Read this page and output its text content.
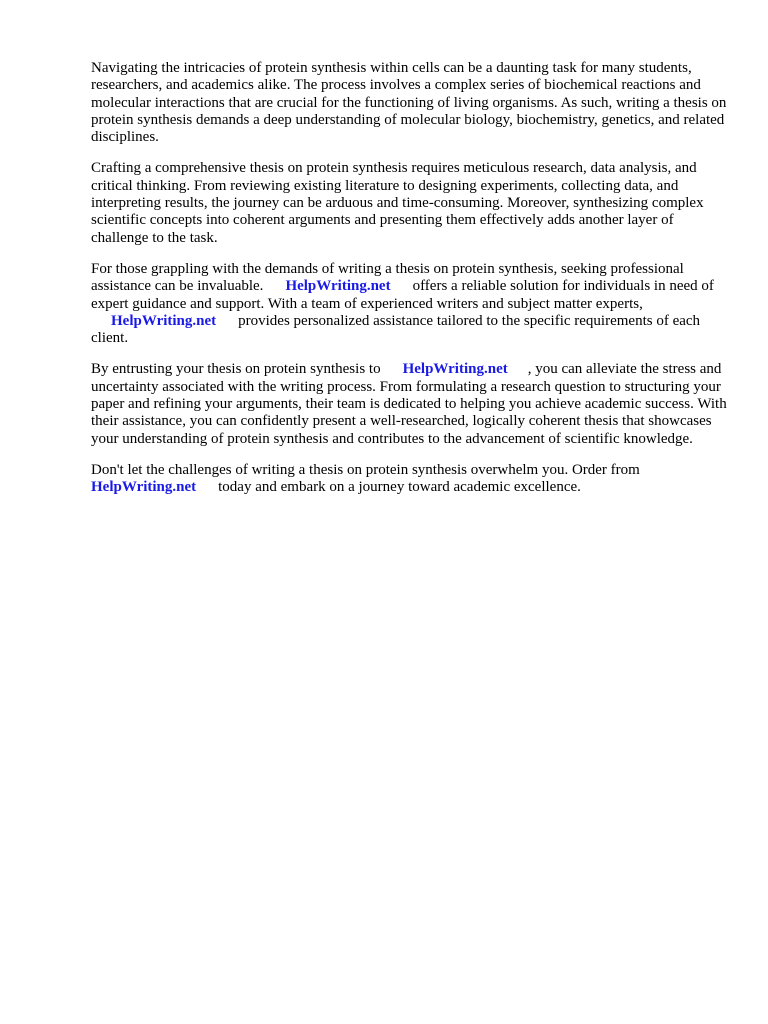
Navigating the intricacies of protein synthesis within cells can be a daunting task for many students, researchers, and academics alike. The process involves a complex series of biochemical reactions and molecular interactions that are crucial for the functioning of living organisms. As such, writing a thesis on protein synthesis demands a deep understanding of molecular biology, biochemistry, genetics, and related disciplines.

Crafting a comprehensive thesis on protein synthesis requires meticulous research, data analysis, and critical thinking. From reviewing existing literature to designing experiments, collecting data, and interpreting results, the journey can be arduous and time-consuming. Moreover, synthesizing complex scientific concepts into coherent arguments and presenting them effectively adds another layer of challenge to the task.

For those grappling with the demands of writing a thesis on protein synthesis, seeking professional assistance can be invaluable. HelpWriting.net offers a reliable solution for individuals in need of expert guidance and support. With a team of experienced writers and subject matter experts,
HelpWriting.net provides personalized assistance tailored to the specific requirements of each client.

By entrusting your thesis on protein synthesis to HelpWriting.net , you can alleviate the stress and uncertainty associated with the writing process. From formulating a research question to structuring your paper and refining your arguments, their team is dedicated to helping you achieve academic success. With their assistance, you can confidently present a well-researched, logically coherent thesis that showcases your understanding of protein synthesis and contributes to the advancement of scientific knowledge.

Don't let the challenges of writing a thesis on protein synthesis overwhelm you. Order from
HelpWriting.net today and embark on a journey toward academic excellence.
